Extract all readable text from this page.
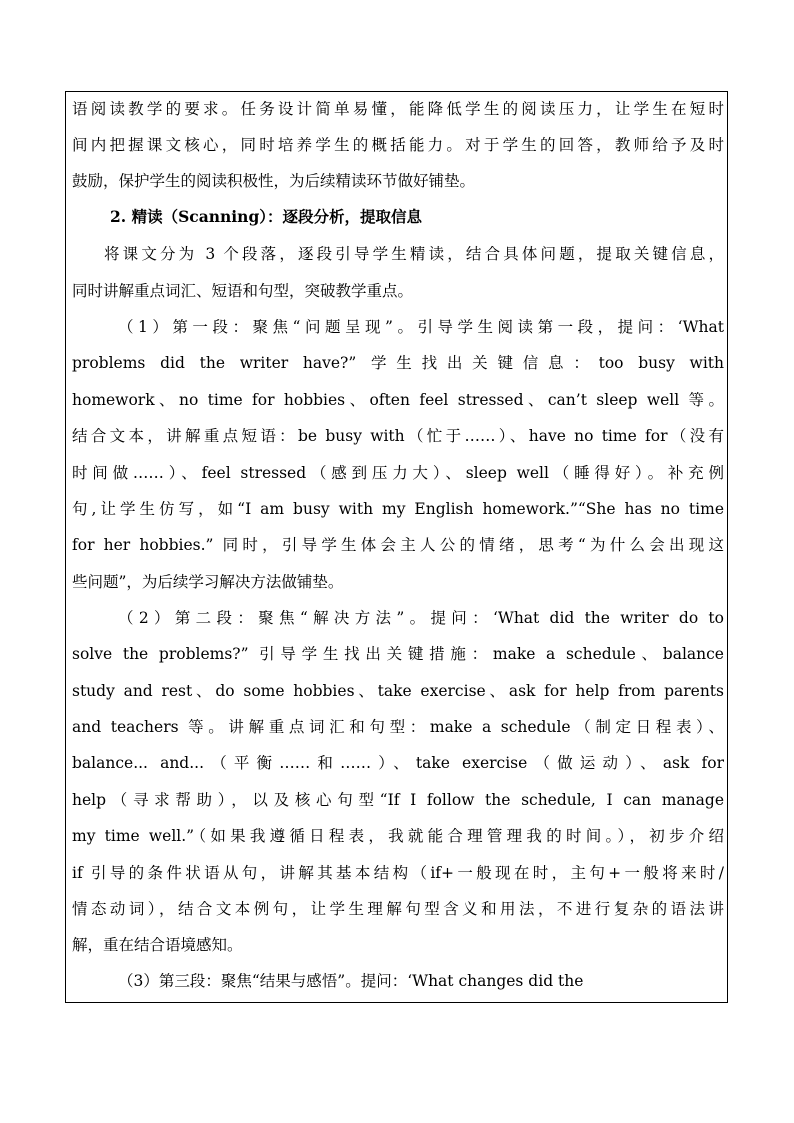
语阅读教学的要求。任务设计简单易懂，能降低学生的阅读压力，让学生在短时
间内把握课文核心，同时培养学生的概括能力。对于学生的回答，教师给予及时
鼓励，保护学生的阅读积极性，为后续精读环节做好铺垫。
2. 精读（Scanning）：逐段分析，提取信息
将课文分为 3 个段落，逐段引导学生精读，结合具体问题，提取关键信息，
同时讲解重点词汇、短语和句型，突破教学重点。
（1）第一段：聚焦“问题呈现”。引导学生阅读第一段，提问：‘What
problems did the writer have?” 学生找出关键信息：too busy with
homework、no time for hobbies、often feel stressed、can’t sleep well 等。
结合文本，讲解重点短语：be busy with（忙于……）、have no time for（没有
时间做……）、feel stressed（感到压力大）、sleep well（睡得好）。补充例
句,让学生仿写，如“I am busy with my English homework.”“She has no time
for her hobbies.” 同时，引导学生体会主人公的情绪，思考“为什么会出现这
些问题”，为后续学习解决方法做铺垫。
（2）第二段：聚焦“解决方法”。提问：‘What did the writer do to
solve the problems?” 引导学生找出关键措施：make a schedule、balance
study and rest、do some hobbies、take exercise、ask for help from parents
and teachers 等。讲解重点词汇和句型：make a schedule（制定日程表）、
balance... and...（平衡……和……）、take exercise（做运动）、ask for
help（寻求帮助），以及核心句型“If I follow the schedule, I can manage
my time well.”（如果我遵循日程表，我就能合理管理我的时间。），初步介绍
if 引导的条件状语从句，讲解其基本结构（if+一般现在时，主句+一般将来时/
情态动词），结合文本例句，让学生理解句型含义和用法，不进行复杂的语法讲
解，重在结合语境感知。
（3）第三段：聚焦“结果与感悟”。提问：‘What changes did the
